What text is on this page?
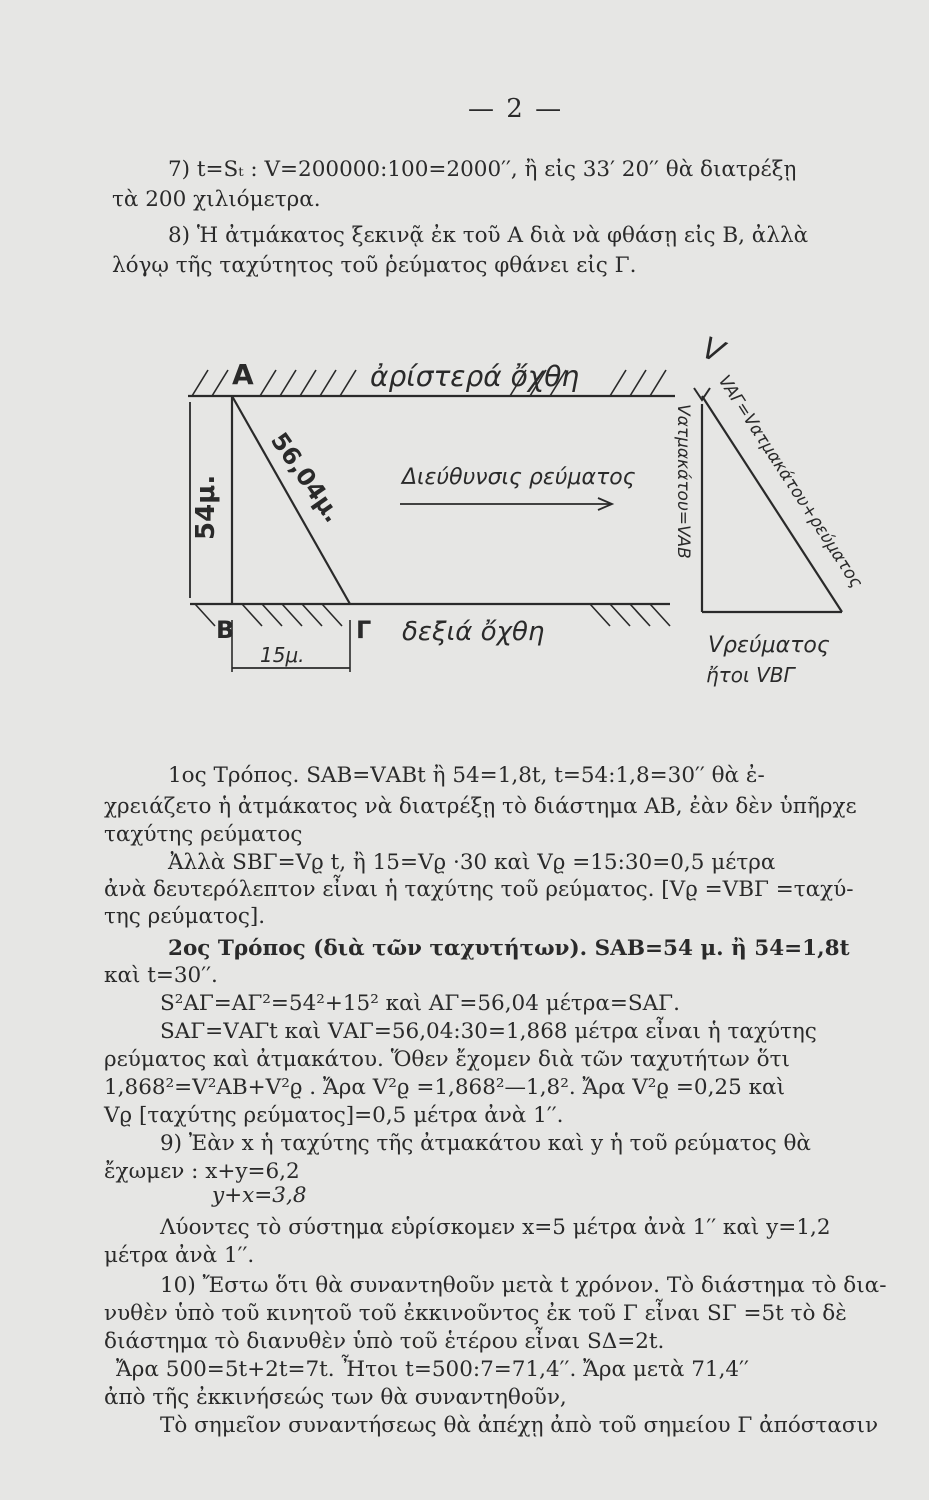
— 2 —
7) t=Sₜ : V=200000:100=2000′′, ἢ εἰς 33′ 20′′ θὰ διατρέξῃ
τὰ 200 χιλιόμετρα.
8) Ἡ ἀτμάκατος ξεκινᾷ ἐκ τοῦ Α διὰ νὰ φθάσῃ εἰς Β, ἀλλὰ
λόγῳ τῆς ταχύτητος τοῦ ῥεύματος φθάνει εἰς Γ.
A
B	Γ
ἀρίστερά ὄχθη
δεξιά ὄχθη
Διεύθυνσις ρεύματος
54μ. 56,04μ.
15μ.
V
Vατμακάτου=VAB VAΓ=Vατμακάτου+ρεύματος
Vρεύματος
ἤτοι VBΓ
1ος Τρόπος. SΑΒ=VΑΒt ἢ 54=1,8t, t=54:1,8=30′′ θὰ ἐ-
χρειάζετο ἡ ἀτμάκατος νὰ διατρέξῃ τὸ διάστημα ΑΒ, ἐὰν δὲν ὑπῆρχε
ταχύτης ρεύματος
Ἀλλὰ SΒΓ=Vϱ t, ἢ 15=Vϱ ·30 καὶ Vϱ =15:30=0,5 μέτρα
ἀνὰ δευτερόλεπτον εἶναι ἡ ταχύτης τοῦ ρεύματος. [Vϱ =VΒΓ =ταχύ-
της ρεύματος].
2ος Τρόπος (διὰ τῶν ταχυτήτων). SΑΒ=54 μ. ἢ 54=1,8t
καὶ t=30′′.
S²ΑΓ=ΑΓ²=54²+15² καὶ ΑΓ=56,04 μέτρα=SΑΓ.
SΑΓ=VΑΓt καὶ VΑΓ=56,04:30=1,868 μέτρα εἶναι ἡ ταχύτης
ρεύματος καὶ ἀτμακάτου. Ὅθεν ἔχομεν διὰ τῶν ταχυτήτων ὅτι
1,868²=V²ΑΒ+V²ϱ . Ἄρα V²ϱ =1,868²—1,8². Ἄρα V²ϱ =0,25 καὶ
Vϱ [ταχύτης ρεύματος]=0,5 μέτρα ἀνὰ 1′′.
9) Ἐὰν x ἡ ταχύτης τῆς ἀτμακάτου καὶ y ἡ τοῦ ρεύματος θὰ
ἔχωμεν : x+y=6,2
y+x=3,8
Λύοντες τὸ σύστημα εὑρίσκομεν x=5 μέτρα ἀνὰ 1′′ καὶ y=1,2
μέτρα ἀνὰ 1′′.
10) Ἔστω ὅτι θὰ συναντηθοῦν μετὰ t χρόνον. Τὸ διάστημα τὸ δια-
νυθὲν ὑπὸ τοῦ κινητοῦ τοῦ ἐκκινοῦντος ἐκ τοῦ Γ εἶναι SΓ =5t τὸ δὲ
διάστημα τὸ διανυθὲν ὑπὸ τοῦ ἑτέρου εἶναι SΔ=2t.
Ἄρα 500=5t+2t=7t. Ἦτοι t=500:7=71,4′′. Ἄρα μετὰ 71,4′′
ἀπὸ τῆς ἐκκινήσεώς των θὰ συναντηθοῦν,
Τὸ σημεῖον συναντήσεως θὰ ἀπέχῃ ἀπὸ τοῦ σημείου Γ ἀπόστασιν
